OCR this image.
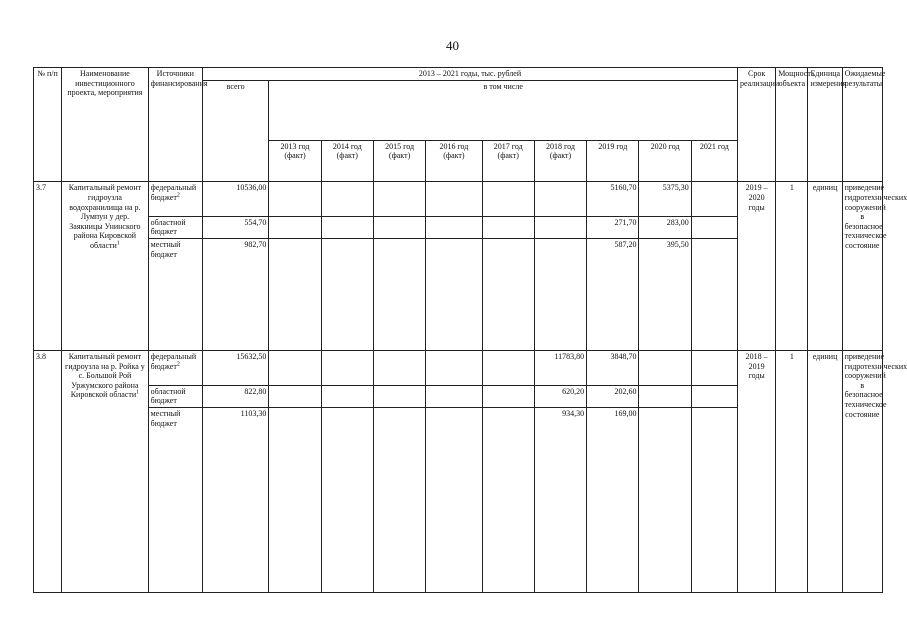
40
№ п/п	Наименование инвестиционного проекта, мероприятия	Источники финансирования	2013 – 2021 годы, тыс. рублей										Срок реализации	Мощность объекта	Единица измерения	Ожидаемые результаты
			всего	в том числе												
				2013 год (факт)	2014 год (факт)	2015 год (факт)	2016 год (факт)	2017 год (факт)	2018 год (факт)	2019 год	2020 год	2021 год				
3.7	Капитальный ремонт гидроузла водохранилища на р. Лумпун у дер. Заякницы Унинского района Кировской области$^1$	федеральный бюджет$^2$	10536,00							5160,70	5375,30		2019 – 2020 годы	1	единиц	приведение гидротехнических сооружений в безопасное техническое состояние
		областной бюджет	554,70							271,70	283,00					
		местный бюджет	982,70							587,20	395,50					
3.8	Капитальный ремонт гидроузла на р. Ройка у с. Большой Рой Уржумского района Кировской области$^1$	федеральный бюджет$^2$	15632,50						11783,80	3848,70			2018 – 2019 годы	1	единиц	приведение гидротехнических сооружений в безопасное техническое состояние
		областной бюджет	822,80						620,20	202,60						
		местный бюджет	1103,30						934,30	169,00						
